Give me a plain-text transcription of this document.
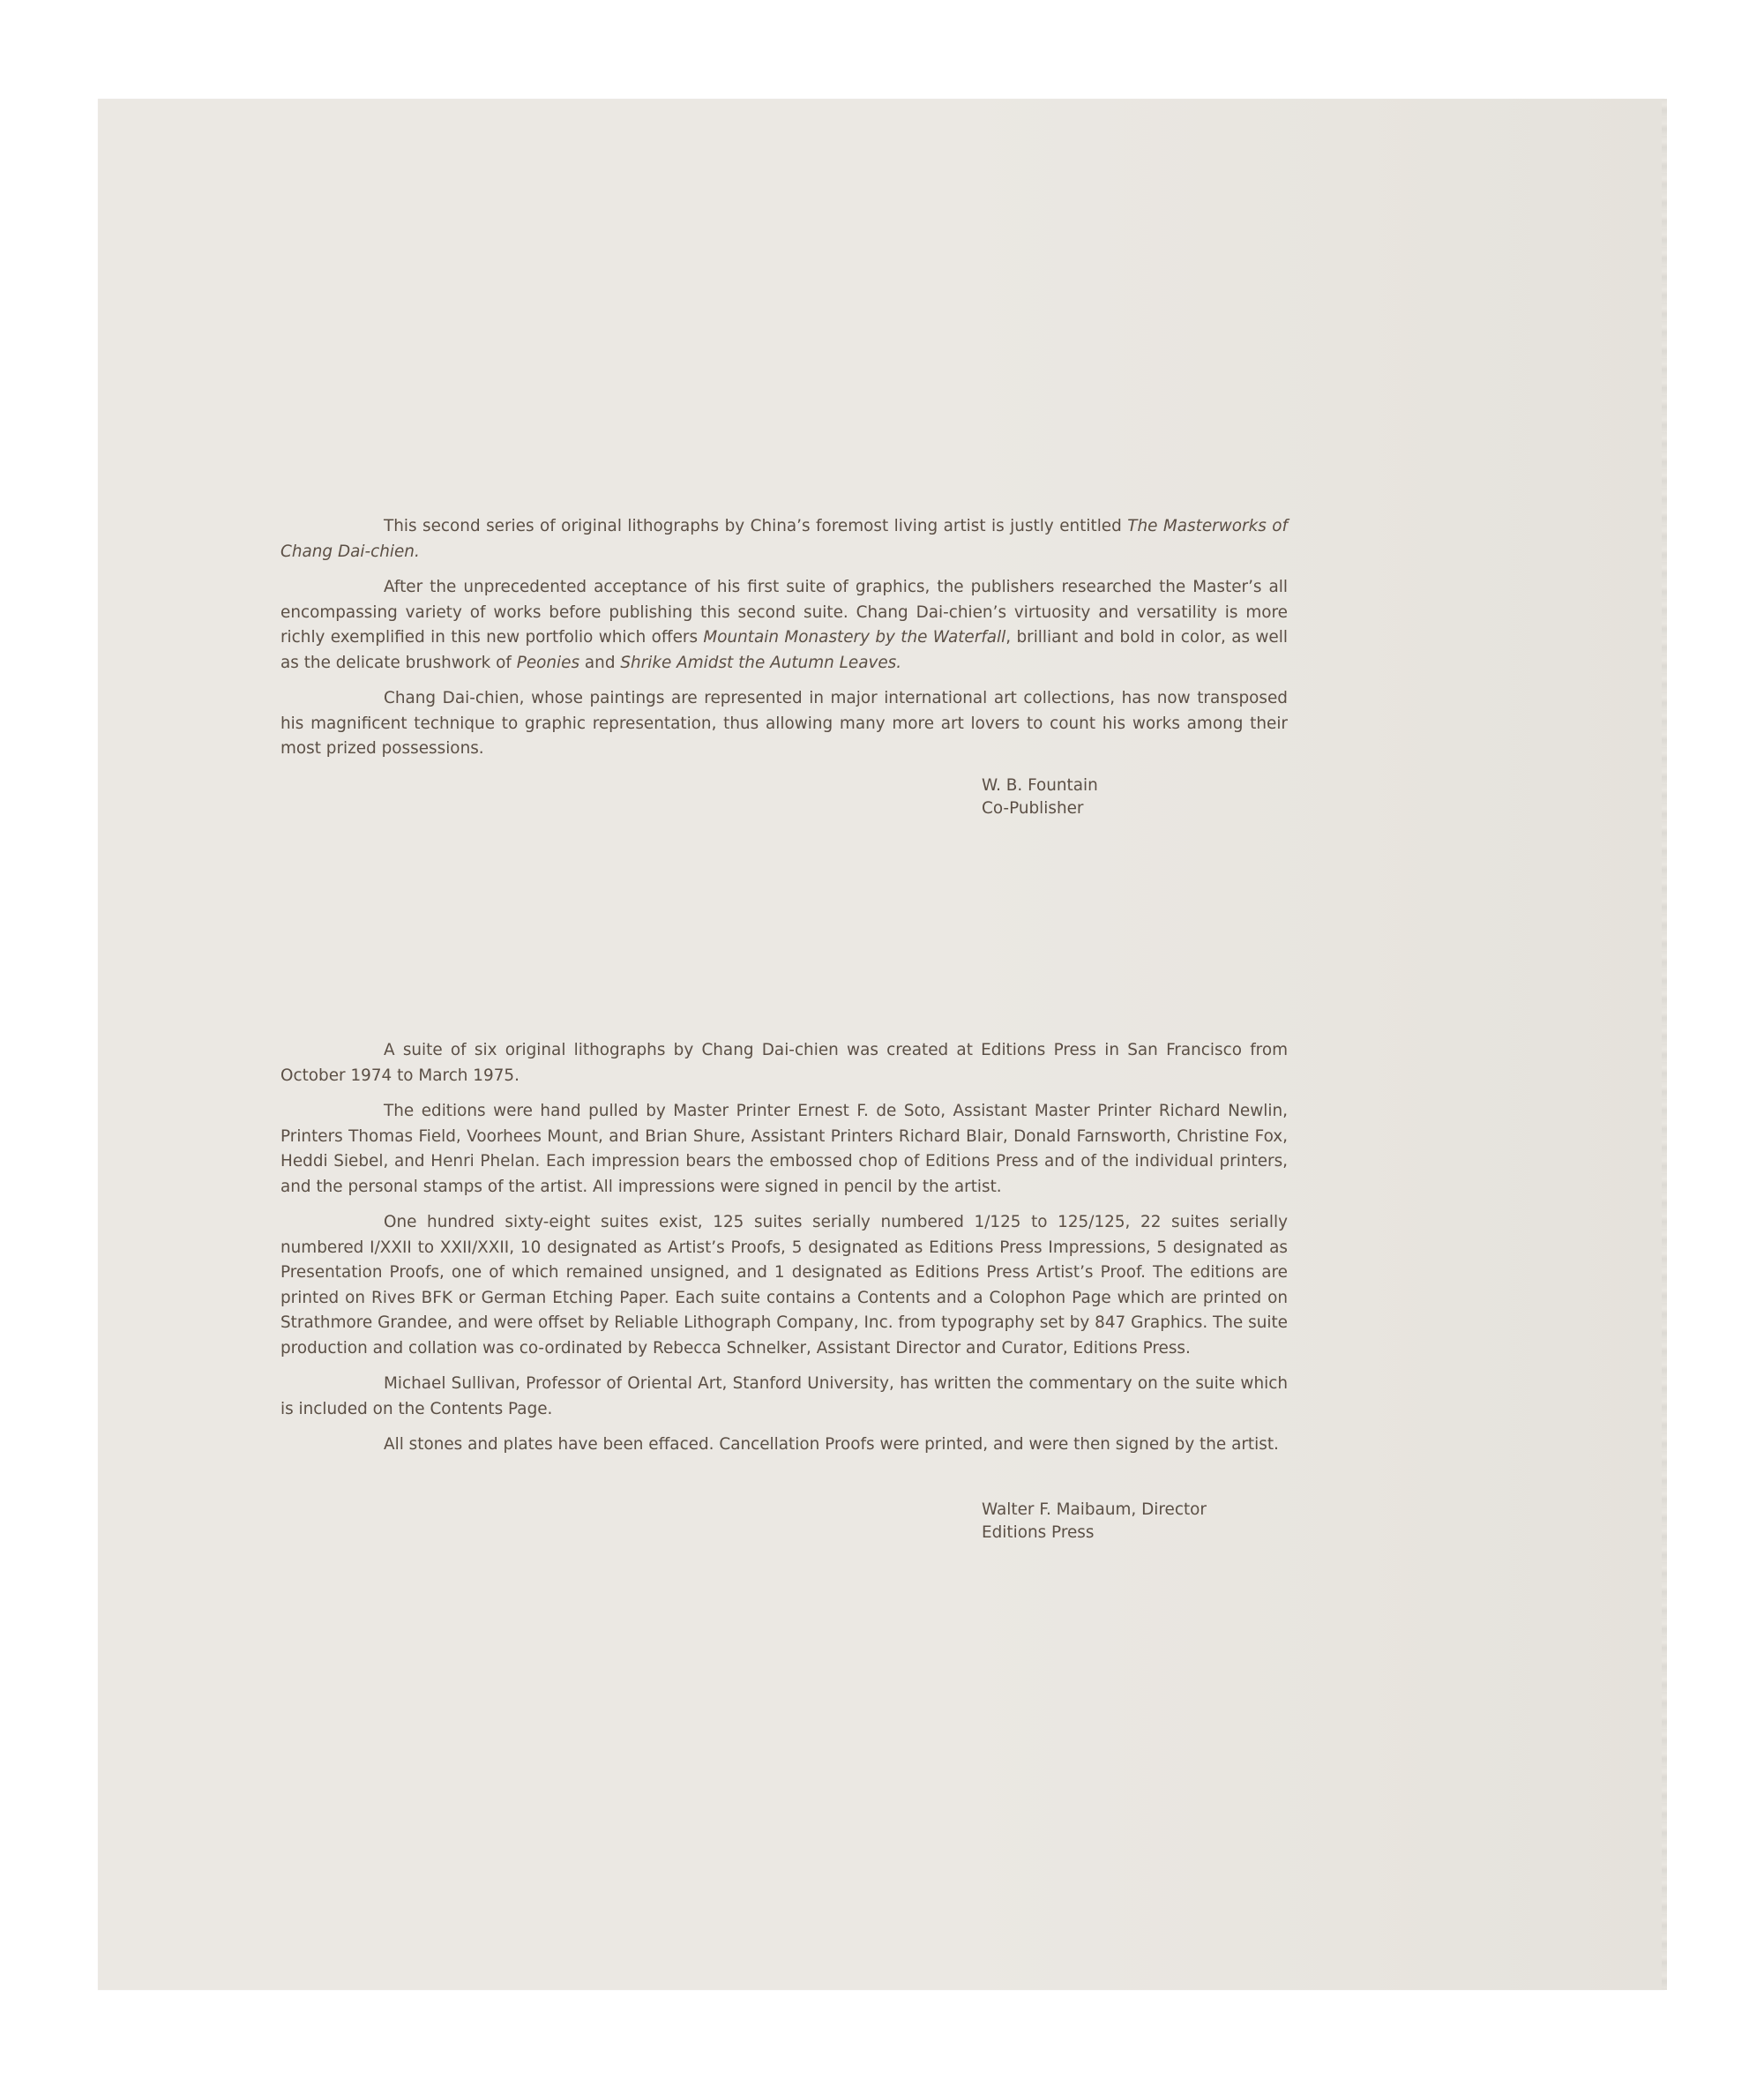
This second series of original lithographs by China’s foremost living artist is justly entitled The Masterworks of Chang Dai-chien.

After the unprecedented acceptance of his first suite of graphics, the publishers researched the Master’s all encompassing variety of works before publishing this second suite. Chang Dai-chien’s virtuosity and versatility is more richly exemplified in this new portfolio which offers Mountain Monastery by the Waterfall, brilliant and bold in color, as well as the delicate brushwork of Peonies and Shrike Amidst the Autumn Leaves.

Chang Dai-chien, whose paintings are represented in major international art collections, has now transposed his magnificent technique to graphic representation, thus allowing many more art lovers to count his works among their most prized possessions.

W. B. Fountain
Co-Publisher

A suite of six original lithographs by Chang Dai-chien was created at Editions Press in San Francisco from October 1974 to March 1975.

The editions were hand pulled by Master Printer Ernest F. de Soto, Assistant Master Printer Richard Newlin, Printers Thomas Field, Voorhees Mount, and Brian Shure, Assistant Printers Richard Blair, Donald Farnsworth, Christine Fox, Heddi Siebel, and Henri Phelan. Each impression bears the embossed chop of Editions Press and of the individual printers, and the personal stamps of the artist. All impressions were signed in pencil by the artist.

One hundred sixty-eight suites exist, 125 suites serially numbered 1/125 to 125/125, 22 suites serially numbered I/XXII to XXII/XXII, 10 designated as Artist’s Proofs, 5 designated as Editions Press Impressions, 5 designated as Presentation Proofs, one of which remained unsigned, and 1 designated as Editions Press Artist’s Proof. The editions are printed on Rives BFK or German Etching Paper. Each suite contains a Contents and a Colophon Page which are printed on Strathmore Grandee, and were offset by Reliable Lithograph Company, Inc. from typography set by 847 Graphics. The suite production and collation was co-ordinated by Rebecca Schnelker, Assistant Director and Curator, Editions Press.

Michael Sullivan, Professor of Oriental Art, Stanford University, has written the commentary on the suite which is included on the Contents Page.

All stones and plates have been effaced. Cancellation Proofs were printed, and were then signed by the artist.

Walter F. Maibaum, Director
Editions Press
